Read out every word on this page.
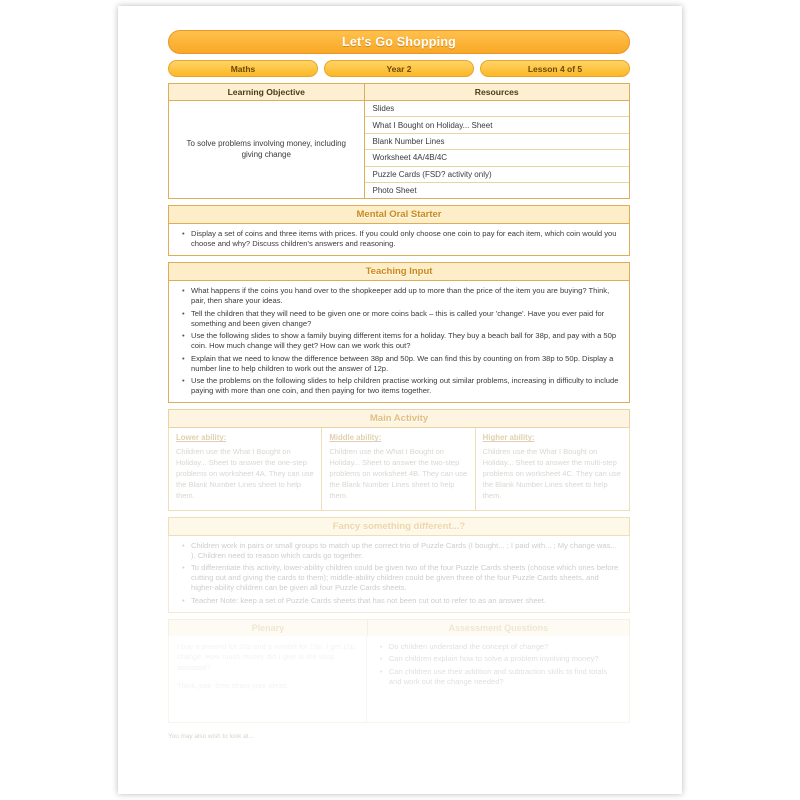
Let's Go Shopping
Maths	Year 2	Lesson 4 of 5
Learning Objective	Resources
To solve problems involving money, including giving change
Slides
What I Bought on Holiday... Sheet
Blank Number Lines
Worksheet 4A/4B/4C
Puzzle Cards (FSD? activity only)
Photo Sheet
Mental Oral Starter
• Display a set of coins and three items with prices. If you could only choose one coin to pay for each item, which coin would you choose and why? Discuss children's answers and reasoning.
Teaching Input
• What happens if the coins you hand over to the shopkeeper add up to more than the price of the item you are buying? Think, pair, then share your ideas.
• Tell the children that they will need to be given one or more coins back – this is called your 'change'. Have you ever paid for something and been given change?
• Use the following slides to show a family buying different items for a holiday. They buy a beach ball for 38p, and pay with a 50p coin. How much change will they get? How can we work this out?
• Explain that we need to know the difference between 38p and 50p. We can find this by counting on from 38p to 50p. Display a number line to help children to work out the answer of 12p.
• Use the problems on the following slides to help children practise working out similar problems, increasing in difficulty to include paying with more than one coin, and then paying for two items together.
Main Activity
Lower ability:
Children use the What I Bought on Holiday... Sheet to answer the one-step problems on worksheet 4A. They can use the Blank Number Lines sheet to help them.
Middle ability:
Children use the What I Bought on Holiday... Sheet to answer the two-step problems on worksheet 4B. They can use the Blank Number Lines sheet to help them.
Higher ability:
Children use the What I Bought on Holiday... Sheet to answer the multi-step problems on worksheet 4C. They can use the Blank Number Lines sheet to help them.
Fancy something different...?
• Children work in pairs or small groups to match up the correct trio of Puzzle Cards (I bought... ; I paid with... ; My change was... ). Children need to reason which cards go together.
• To differentiate this activity, lower-ability children could be given two of the four Puzzle Cards sheets (choose which ones before cutting out and giving the cards to them); middle-ability children could be given three of the four Puzzle Cards sheets, and higher-ability children can be given all four Puzzle Cards sheets.
• Teacher Note: keep a set of Puzzle Cards sheets that has not been cut out to refer to as an answer sheet.
Plenary	Assessment Questions

I buy a pretend for 20p and a wristlet for 15p. I get 10p change. How much money did I give to the shop assistant?

Think, pair, then share your ideas.

• Do children understand the concept of change?
• Can children explain how to solve a problem involving money?
• Can children use their addition and subtraction skills to find totals and work out the change needed?
You may also wish to look at...
